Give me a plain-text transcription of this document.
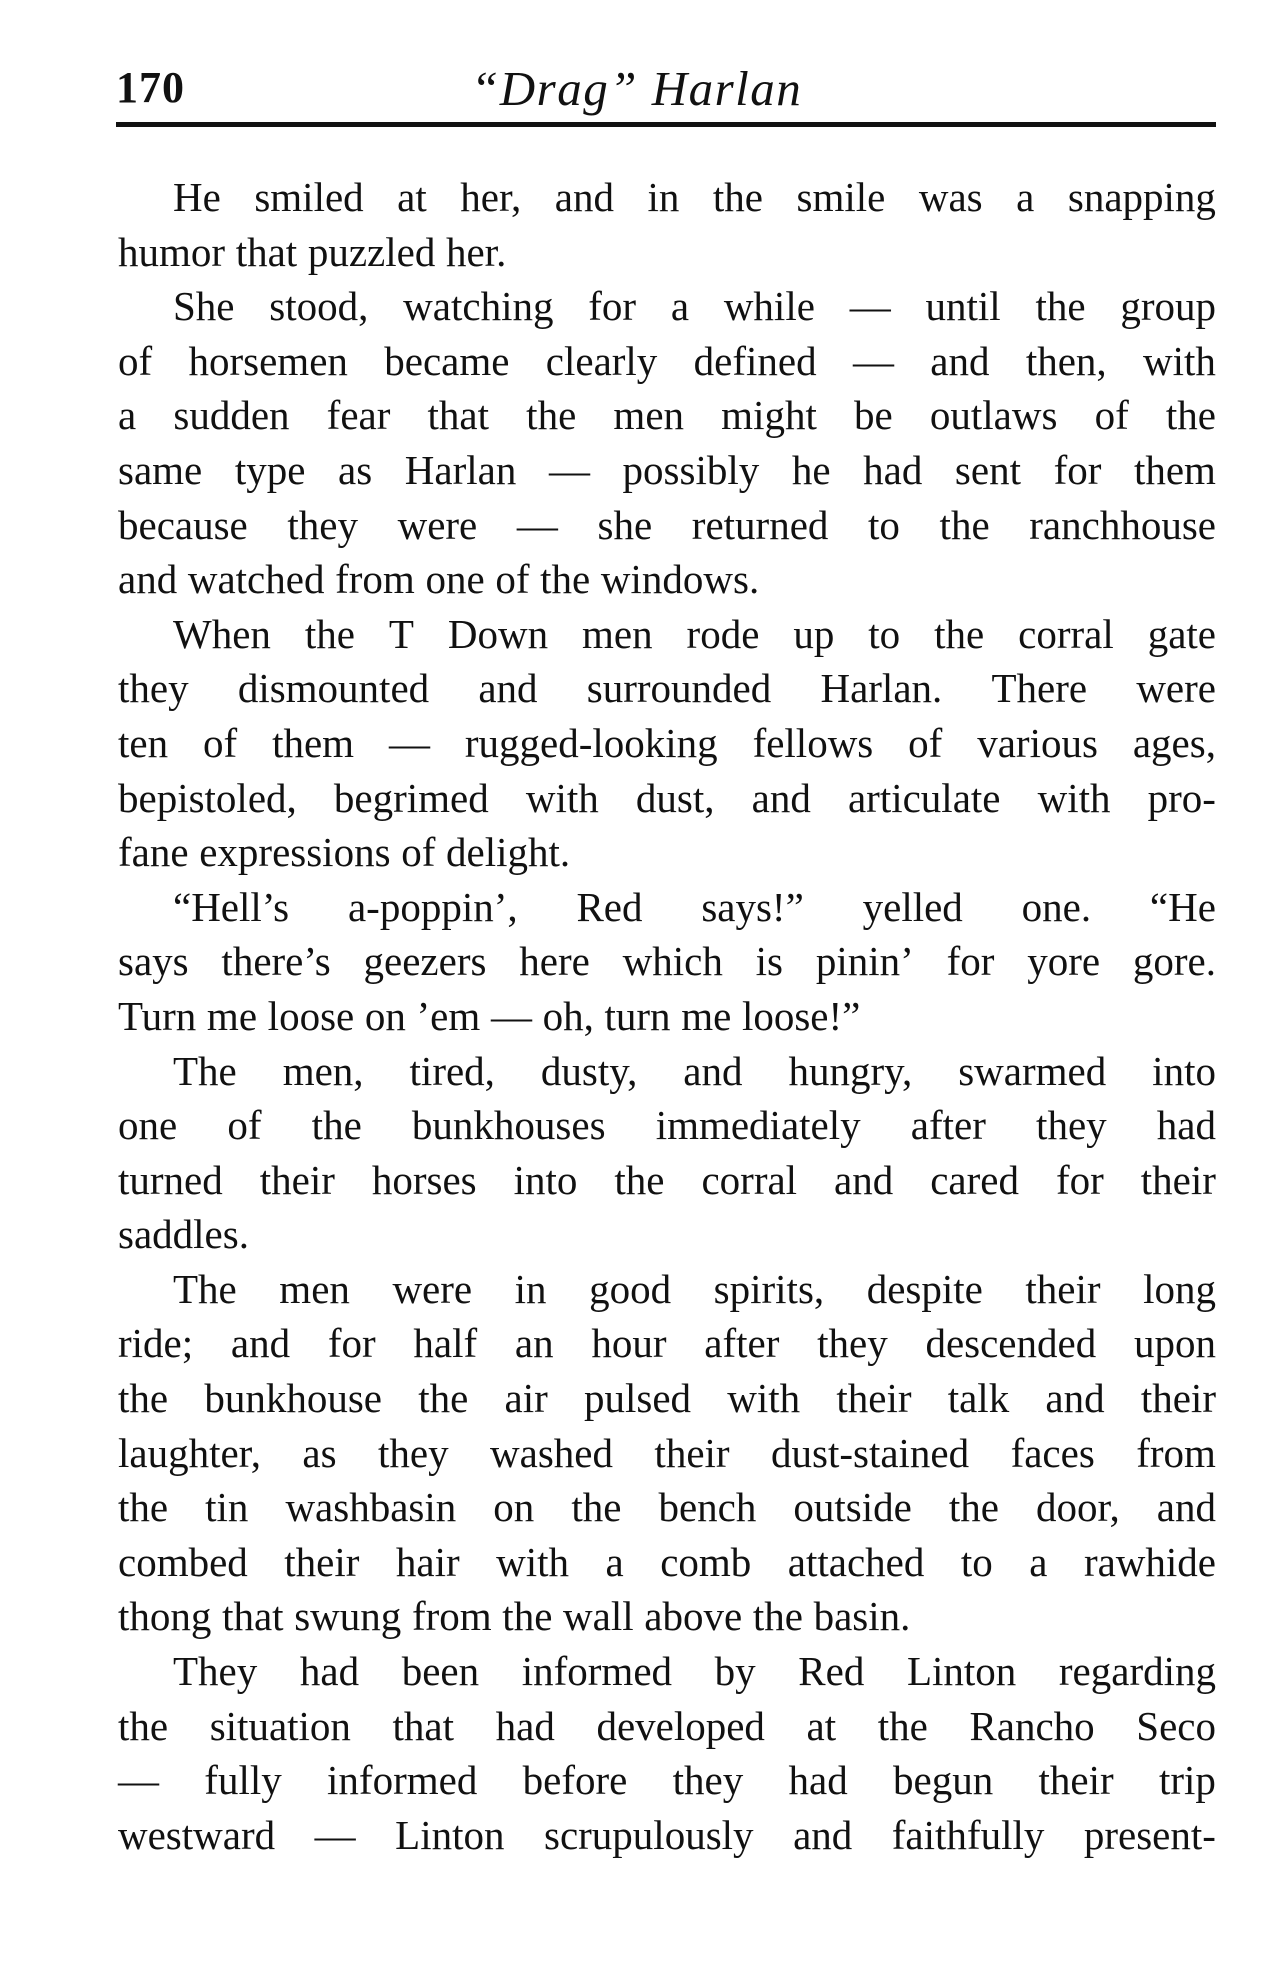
170	“Drag” Harlan
He smiled at her, and in the smile was a snapping
humor that puzzled her.
She stood, watching for a while — until the group
of horsemen became clearly defined — and then, with
a sudden fear that the men might be outlaws of the
same type as Harlan — possibly he had sent for them
because they were — she returned to the ranchhouse
and watched from one of the windows.
When the T Down men rode up to the corral gate
they dismounted and surrounded Harlan. There were
ten of them — rugged-looking fellows of various ages,
bepistoled, begrimed with dust, and articulate with pro-
fane expressions of delight.
“Hell’s a-poppin’, Red says!” yelled one. “He
says there’s geezers here which is pinin’ for yore gore.
Turn me loose on ’em — oh, turn me loose!”
The men, tired, dusty, and hungry, swarmed into
one of the bunkhouses immediately after they had
turned their horses into the corral and cared for their
saddles.
The men were in good spirits, despite their long
ride; and for half an hour after they descended upon
the bunkhouse the air pulsed with their talk and their
laughter, as they washed their dust-stained faces from
the tin washbasin on the bench outside the door, and
combed their hair with a comb attached to a rawhide
thong that swung from the wall above the basin.
They had been informed by Red Linton regarding
the situation that had developed at the Rancho Seco
— fully informed before they had begun their trip
westward — Linton scrupulously and faithfully present-
